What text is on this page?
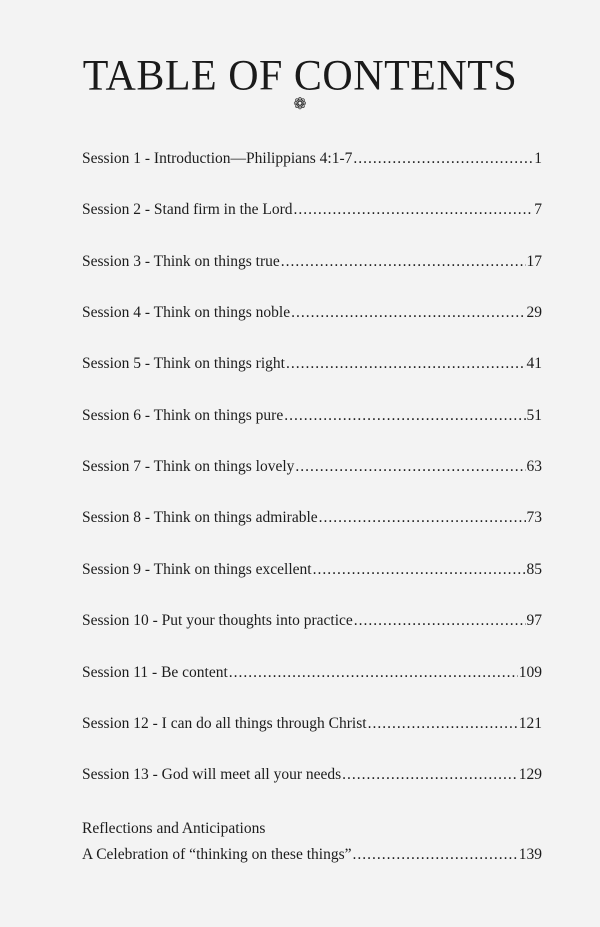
TABLE OF CONTENTS
❁
Session 1 - Introduction—Philippians 4:1-7 .....	1
Session 2 - Stand firm in the Lord .....	7
Session 3 - Think on things true .....	17
Session 4 - Think on things noble .....	29
Session 5 - Think on things right .....	41
Session 6 - Think on things pure .....	51
Session 7 - Think on things lovely .....	63
Session 8 - Think on things admirable .....	73
Session 9 - Think on things excellent .....	85
Session 10 - Put your thoughts into practice .....	97
Session 11 - Be content .....	109
Session 12 - I can do all things through Christ .....	121
Session 13 - God will meet all your needs .....	129
Reflections and Anticipations
A Celebration of “thinking on these things” .....	139
